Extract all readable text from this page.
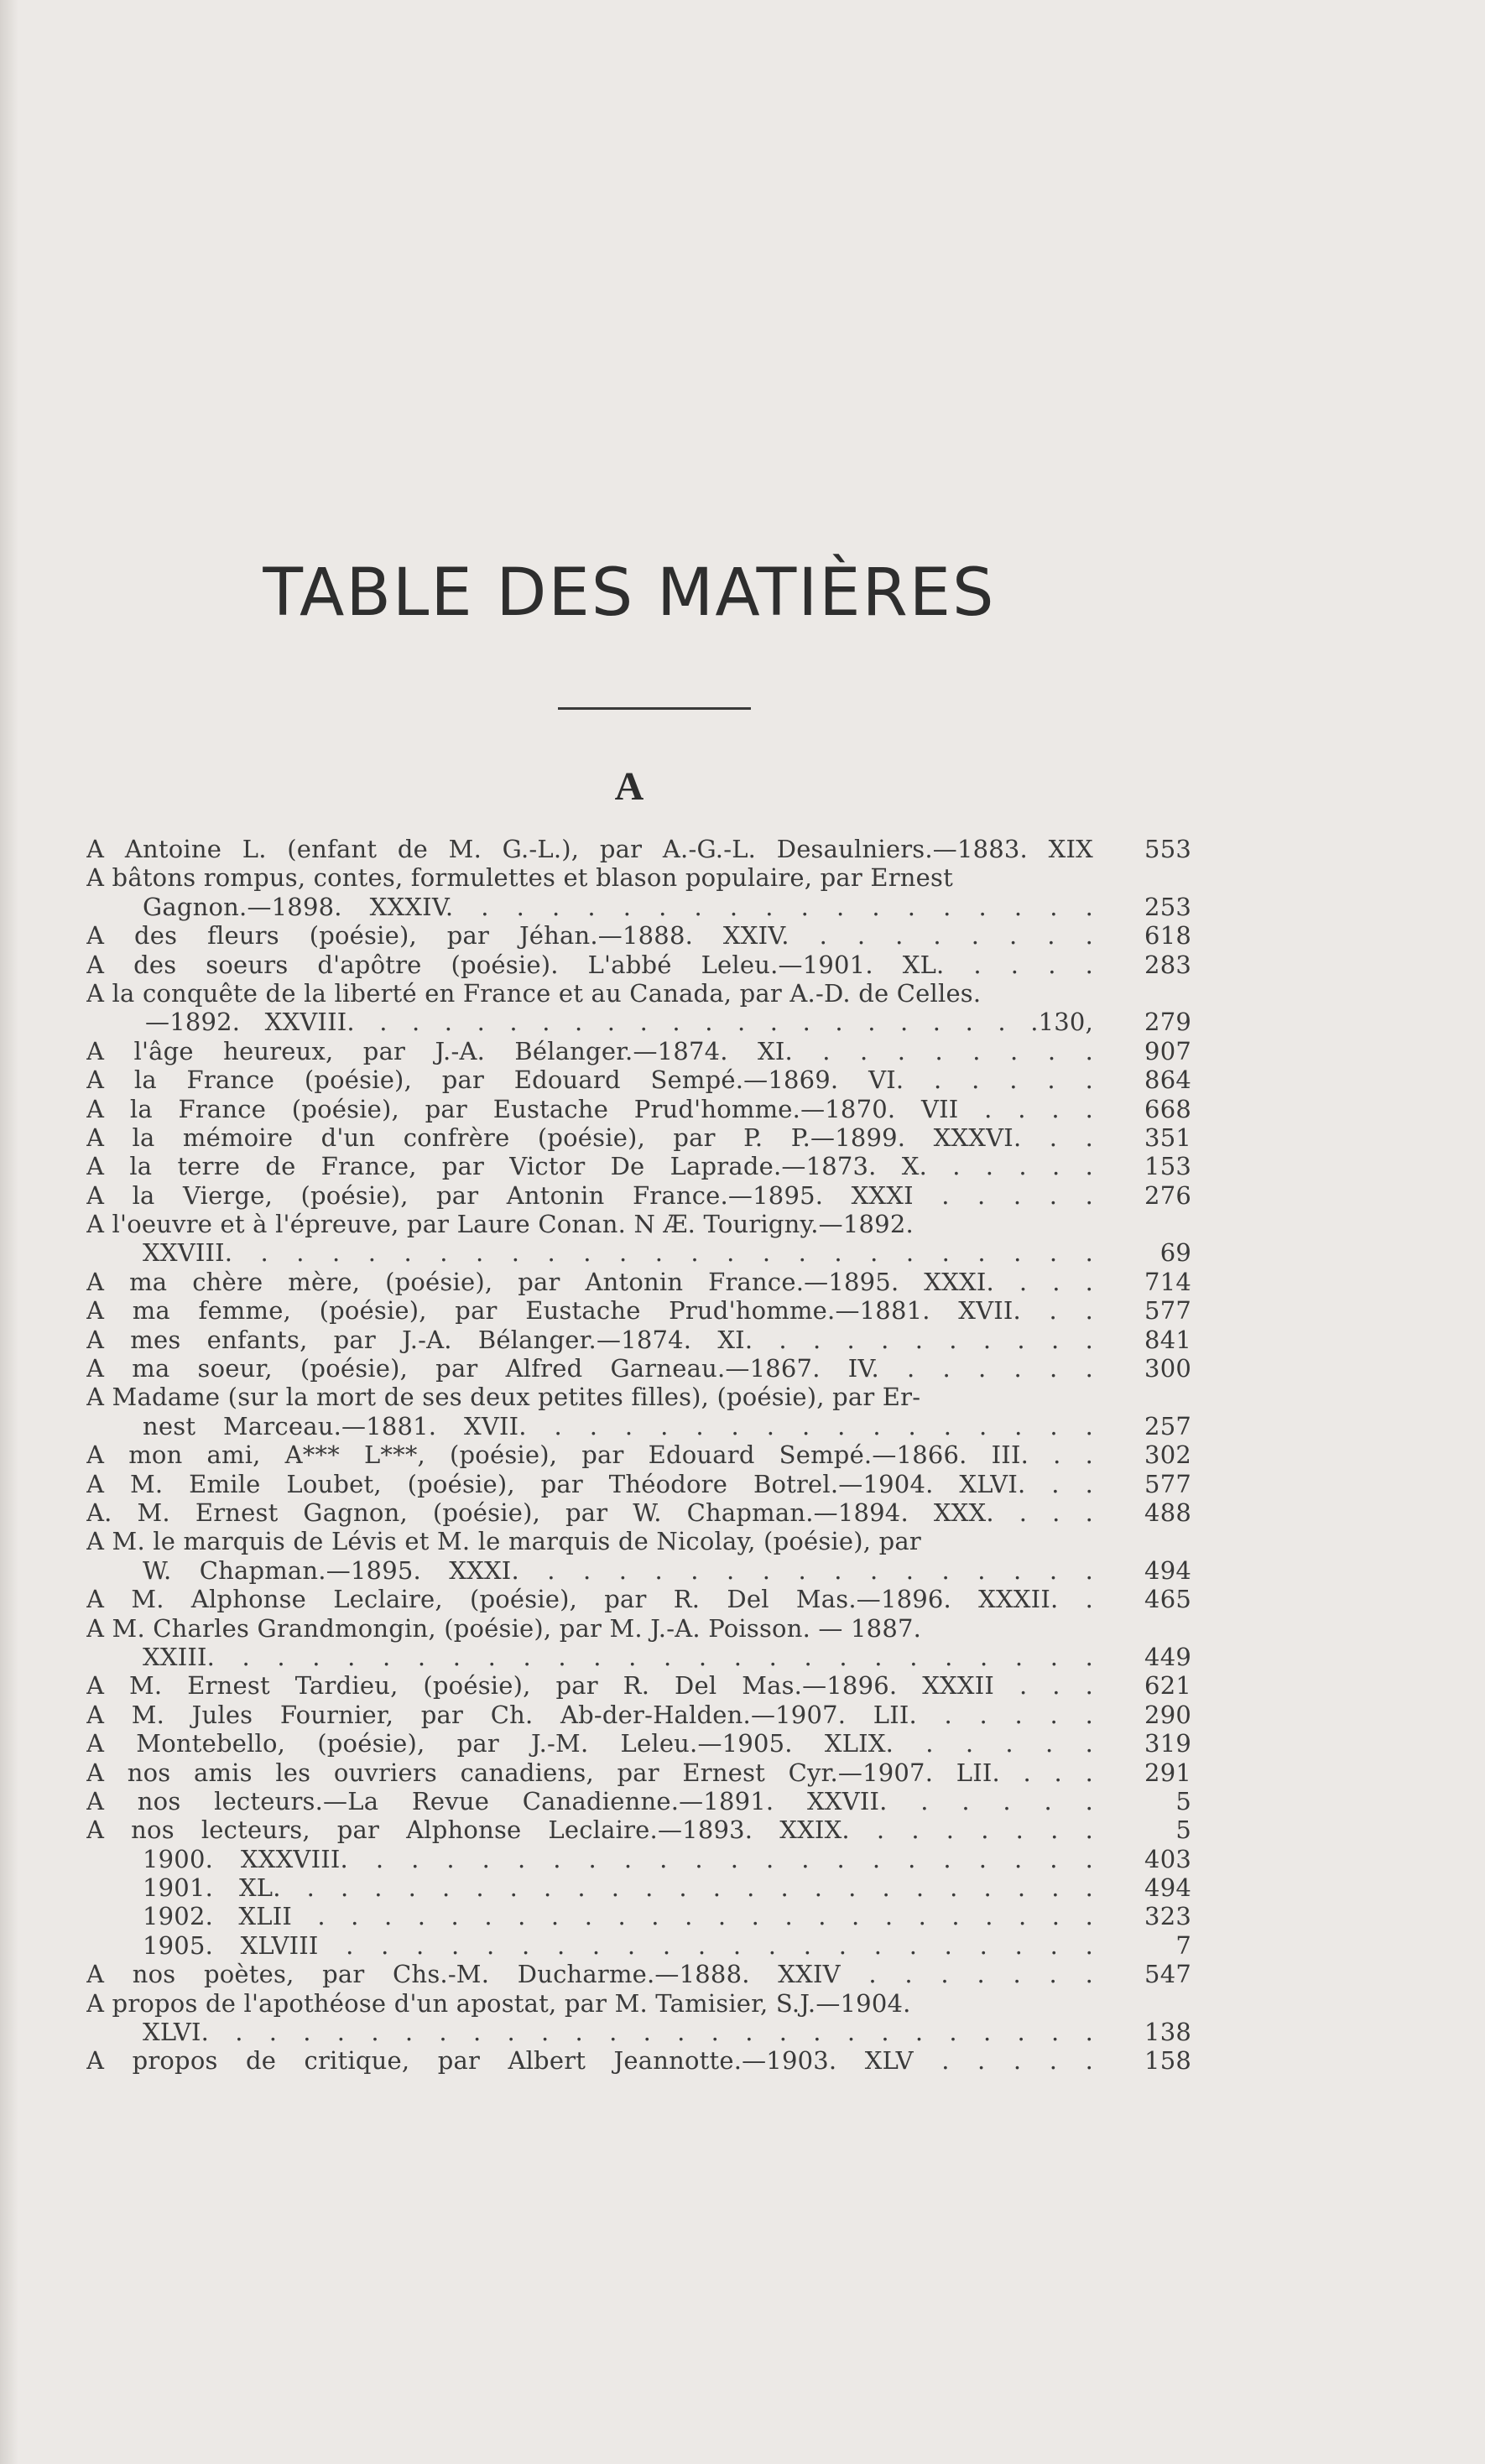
TABLE DES MATIÈRES
A
A Antoine L. (enfant de M. G.-L.), par A.-G.-L. Desaulniers.—1883. XIX	553
A bâtons rompus, contes, formulettes et blason populaire, par Ernest
Gagnon.—1898. XXXIV. . . . . . . . . . . . . . . . . . .	253
A des fleurs (poésie), par Jéhan.—1888. XXIV. . . . . . . . .	618
A des soeurs d'apôtre (poésie). L'abbé Leleu.—1901. XL. . . . .	283
A la conquête de la liberté en France et au Canada, par A.-D. de Celles.
—1892. XXVIII. . . . . . . . . . . . . . . . . . . . . .130,	279
A l'âge heureux, par J.-A. Bélanger.—1874. XI. . . . . . . . .	907
A la France (poésie), par Edouard Sempé.—1869. VI. . . . . .	864
A la France (poésie), par Eustache Prud'homme.—1870. VII . . . .	668
A la mémoire d'un confrère (poésie), par P. P.—1899. XXXVI. . .	351
A la terre de France, par Victor De Laprade.—1873. X. . . . . .	153
A la Vierge, (poésie), par Antonin France.—1895. XXXI . . . . .	276
A l'oeuvre et à l'épreuve, par Laure Conan. N Æ. Tourigny.—1892.
XXVIII. . . . . . . . . . . . . . . . . . . . . . . . .	69
A ma chère mère, (poésie), par Antonin France.—1895. XXXI. . . .	714
A ma femme, (poésie), par Eustache Prud'homme.—1881. XVII. . .	577
A mes enfants, par J.-A. Bélanger.—1874. XI. . . . . . . . . . .	841
A ma soeur, (poésie), par Alfred Garneau.—1867. IV. . . . . . .	300
A Madame (sur la mort de ses deux petites filles), (poésie), par Er-
nest Marceau.—1881. XVII. . . . . . . . . . . . . . . . .	257
A mon ami, A*** L***, (poésie), par Edouard Sempé.—1866. III. . .	302
A M. Emile Loubet, (poésie), par Théodore Botrel.—1904. XLVI. . .	577
A. M. Ernest Gagnon, (poésie), par W. Chapman.—1894. XXX. . . .	488
A M. le marquis de Lévis et M. le marquis de Nicolay, (poésie), par
W. Chapman.—1895. XXXI. . . . . . . . . . . . . . . . .	494
A M. Alphonse Leclaire, (poésie), par R. Del Mas.—1896. XXXII. .	465
A M. Charles Grandmongin, (poésie), par M. J.-A. Poisson. — 1887.
XXIII. . . . . . . . . . . . . . . . . . . . . . . . . .	449
A M. Ernest Tardieu, (poésie), par R. Del Mas.—1896. XXXII . . .	621
A M. Jules Fournier, par Ch. Ab-der-Halden.—1907. LII. . . . . .	290
A Montebello, (poésie), par J.-M. Leleu.—1905. XLIX. . . . . .	319
A nos amis les ouvriers canadiens, par Ernest Cyr.—1907. LII. . . .	291
A nos lecteurs.—La Revue Canadienne.—1891. XXVII. . . . . .	5
A nos lecteurs, par Alphonse Leclaire.—1893. XXIX. . . . . . . .	5
1900. XXXVIII. . . . . . . . . . . . . . . . . . . . . .	403
1901. XL. . . . . . . . . . . . . . . . . . . . . . . . .	494
1902. XLII . . . . . . . . . . . . . . . . . . . . . . . .	323
1905. XLVIII . . . . . . . . . . . . . . . . . . . . . .	7
A nos poètes, par Chs.-M. Ducharme.—1888. XXIV . . . . . . .	547
A propos de l'apothéose d'un apostat, par M. Tamisier, S.J.—1904.
XLVI. . . . . . . . . . . . . . . . . . . . . . . . . . .	138
A propos de critique, par Albert Jeannotte.—1903. XLV . . . . .	158
